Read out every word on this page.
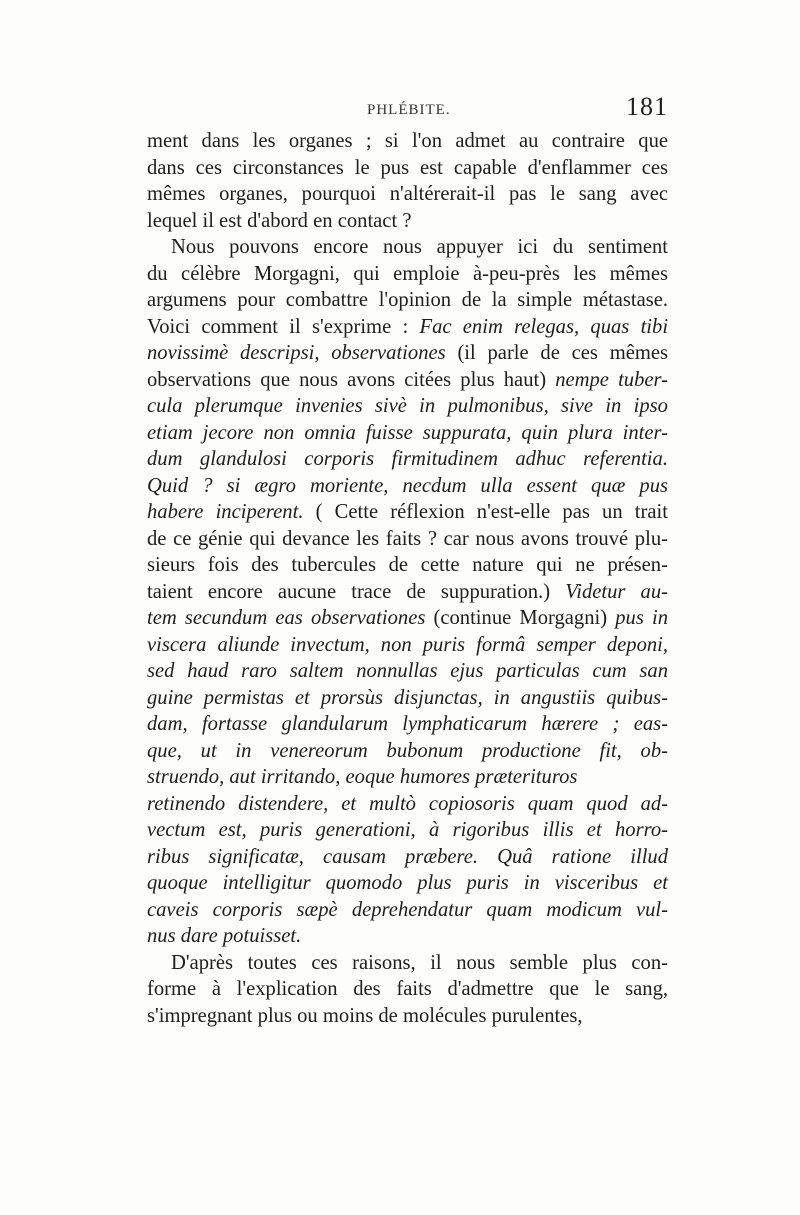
PHLÉBITE.	181
ment dans les organes ; si l'on admet au contraire que
dans ces circonstances le pus est capable d'enflammer ces
mêmes organes, pourquoi n'altérerait-il pas le sang avec
lequel il est d'abord en contact ?
Nous pouvons encore nous appuyer ici du sentiment
du célèbre Morgagni, qui emploie à-peu-près les mêmes
argumens pour combattre l'opinion de la simple métastase.
Voici comment il s'exprime : Fac enim relegas, quas tibi
novissimè descripsi, observationes (il parle de ces mêmes
observations que nous avons citées plus haut) nempe tuber-
cula plerumque invenies sivè in pulmonibus, sive in ipso
etiam jecore non omnia fuisse suppurata, quin plura inter-
dum glandulosi corporis firmitudinem adhuc referentia.
Quid ? si ægro moriente, necdum ulla essent quæ pus
habere inciperent. ( Cette réflexion n'est-elle pas un trait
de ce génie qui devance les faits ? car nous avons trouvé plu-
sieurs fois des tubercules de cette nature qui ne présen-
taient encore aucune trace de suppuration.) Videtur au-
tem secundum eas observationes (continue Morgagni) pus in
viscera aliunde invectum, non puris formâ semper deponi,
sed haud raro saltem nonnullas ejus particulas cum san
guine permistas et prorsùs disjunctas, in angustiis quibus-
dam, fortasse glandularum lymphaticarum hærere ; eas-
que, ut in venereorum bubonum productione fit, ob-
struendo, aut irritando, eoque humores præterituros
retinendo distendere, et multò copiosoris quam quod ad-
vectum est, puris generationi, à rigoribus illis et horro-
ribus significatæ, causam præbere. Quâ ratione illud
quoque intelligitur quomodo plus puris in visceribus et
caveis corporis sæpè deprehendatur quam modicum vul-
nus dare potuisset.
D'après toutes ces raisons, il nous semble plus con-
forme à l'explication des faits d'admettre que le sang,
s'impregnant plus ou moins de molécules purulentes,
